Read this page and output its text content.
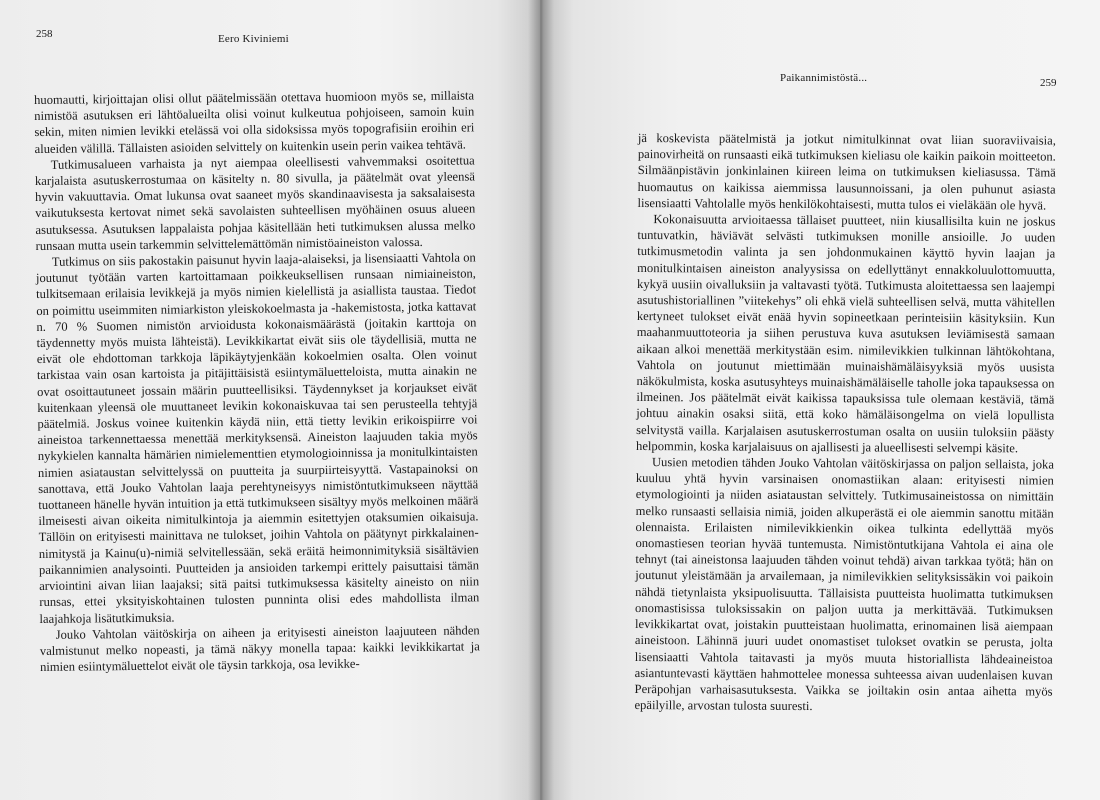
258	Eero Kiviniemi
Paikannimistöstä...	259

huomautti, kirjoittajan olisi ollut päätelmissään otettava huomioon myös se, millaista nimistöä asutuksen eri lähtöalueilta olisi voinut kulkeutua pohjoiseen, samoin kuin sekin, miten nimien levikki etelässä voi olla sidoksissa myös topografisiin eroihin eri alueiden välillä. Tällaisten asioiden selvittely on kuitenkin usein perin vaikea tehtävä.

Tutkimusalueen varhaista ja nyt aiempaa oleellisesti vahvemmaksi osoitettua karjalaista asutuskerrostumaa on käsitelty n. 80 sivulla, ja päätelmät ovat yleensä hyvin vakuuttavia. Omat lukunsa ovat saaneet myös skandinaavisesta ja saksalaisesta vaikutuksesta kertovat nimet sekä savolaisten suhteellisen myöhäinen osuus alueen asutuksessa. Asutuksen lappalaista pohjaa käsitellään heti tutkimuksen alussa melko runsaan mutta usein tarkemmin selvittelemättömän nimistöaineiston valossa.

Tutkimus on siis pakostakin paisunut hyvin laaja-alaiseksi, ja lisensiaatti Vahtola on joutunut työtään varten kartoittamaan poikkeuksellisen runsaan nimiaineiston, tulkitsemaan erilaisia levikkejä ja myös nimien kielellistä ja asiallista taustaa. Tiedot on poimittu useimmiten nimiarkiston yleiskokoelmasta ja -hakemistosta, jotka kattavat n. 70 % Suomen nimistön arvioidusta kokonaismäärästä (joitakin karttoja on täydennetty myös muista lähteistä). Levikkikartat eivät siis ole täydellisiä, mutta ne eivät ole ehdottoman tarkkoja läpikäytyjenkään kokoelmien osalta. Olen voinut tarkistaa vain osan kartoista ja pitäjittäisistä esiintymäluetteloista, mutta ainakin ne ovat osoittautuneet jossain määrin puutteellisiksi. Täydennykset ja korjaukset eivät kuitenkaan yleensä ole muuttaneet levikin kokonaiskuvaa tai sen perusteella tehtyjä päätelmiä. Joskus voinee kuitenkin käydä niin, että tietty levikin erikoispiirre voi aineistoa tarkennettaessa menettää merkityksensä. Aineiston laajuuden takia myös nykykielen kannalta hämärien nimielementtien etymologioinnissa ja monitulkintaisten nimien asiataustan selvittelyssä on puutteita ja suurpiirteisyyttä. Vastapainoksi on sanottava, että Jouko Vahtolan laaja perehtyneisyys nimistöntutkimukseen näyttää tuottaneen hänelle hyvän intuition ja että tutkimukseen sisältyy myös melkoinen määrä ilmeisesti aivan oikeita nimitulkintoja ja aiemmin esitettyjen otaksumien oikaisuja. Tällöin on erityisesti mainittava ne tulokset, joihin Vahtola on päätynyt pirkkalainen-nimitystä ja Kainu(u)-nimiä selvitellessään, sekä eräitä heimonnimityksiä sisältävien paikannimien analysointi. Puutteiden ja ansioiden tarkempi erittely paisuttaisi tämän arviointini aivan liian laajaksi; sitä paitsi tutkimuksessa käsitelty aineisto on niin runsas, ettei yksityiskohtainen tulosten punninta olisi edes mahdollista ilman laajahkoja lisätutkimuksia.

Jouko Vahtolan väitöskirja on aiheen ja erityisesti aineiston laajuuteen nähden valmistunut melko nopeasti, ja tämä näkyy monella tapaa: kaikki levikkikartat ja nimien esiintymäluettelot eivät ole täysin tarkkoja, osa levikke-

jä koskevista päätelmistä ja jotkut nimitulkinnat ovat liian suoraviivaisia, painovirheitä on runsaasti eikä tutkimuksen kieliasu ole kaikin paikoin moitteeton. Silmäänpistävin jonkinlainen kiireen leima on tutkimuksen kieliasussa. Tämä huomautus on kaikissa aiemmissa lausunnoissani, ja olen puhunut asiasta lisensiaatti Vahtolalle myös henkilökohtaisesti, mutta tulos ei vieläkään ole hyvä.

Kokonaisuutta arvioitaessa tällaiset puutteet, niin kiusallisilta kuin ne joskus tuntuvatkin, häviävät selvästi tutkimuksen monille ansioille. Jo uuden tutkimusmetodin valinta ja sen johdonmukainen käyttö hyvin laajan ja monitulkintaisen aineiston analyysissa on edellyttänyt ennakkoluulottomuutta, kykyä uusiin oivalluksiin ja valtavasti työtä. Tutkimusta aloitettaessa sen laajempi asutushistoriallinen ”viitekehys” oli ehkä vielä suhteellisen selvä, mutta vähitellen kertyneet tulokset eivät enää hyvin sopineetkaan perinteisiin käsityksiin. Kun maahanmuuttoteoria ja siihen perustuva kuva asutuksen leviämisestä samaan aikaan alkoi menettää merkitystään esim. nimilevikkien tulkinnan lähtökohtana, Vahtola on joutunut miettimään muinaishämäläisyyksiä myös uusista näkökulmista, koska asutusyhteys muinaishämäläiselle taholle joka tapauksessa on ilmeinen. Jos päätelmät eivät kaikissa tapauksissa tule olemaan kestäviä, tämä johtuu ainakin osaksi siitä, että koko hämäläisongelma on vielä lopullista selvitystä vailla. Karjalaisen asutuskerrostuman osalta on uusiin tuloksiin päästy helpommin, koska karjalaisuus on ajallisesti ja alueellisesti selvempi käsite.

Uusien metodien tähden Jouko Vahtolan väitöskirjassa on paljon sellaista, joka kuuluu yhtä hyvin varsinaisen onomastiikan alaan: erityisesti nimien etymologiointi ja niiden asiataustan selvittely. Tutkimusaineistossa on nimittäin melko runsaasti sellaisia nimiä, joiden alkuperästä ei ole aiemmin sanottu mitään olennaista. Erilaisten nimilevikkienkin oikea tulkinta edellyttää myös onomastiesen teorian hyvää tuntemusta. Nimistöntutkijana Vahtola ei aina ole tehnyt (tai aineistonsa laajuuden tähden voinut tehdä) aivan tarkkaa työtä; hän on joutunut yleistämään ja arvailemaan, ja nimilevikkien selityksissäkin voi paikoin nähdä tietynlaista yksipuolisuutta. Tällaisista puutteista huolimatta tutkimuksen onomastisissa tuloksissakin on paljon uutta ja merkittävää. Tutkimuksen levikkikartat ovat, joistakin puutteistaan huolimatta, erinomainen lisä aiempaan aineistoon. Lähinnä juuri uudet onomastiset tulokset ovatkin se perusta, jolta lisensiaatti Vahtola taitavasti ja myös muuta historiallista lähdeaineistoa asiantuntevasti käyttäen hahmottelee monessa suhteessa aivan uudenlaisen kuvan Peräpohjan varhaisasutuksesta. Vaikka se joiltakin osin antaa aihetta myös epäilyille, arvostan tulosta suuresti.
